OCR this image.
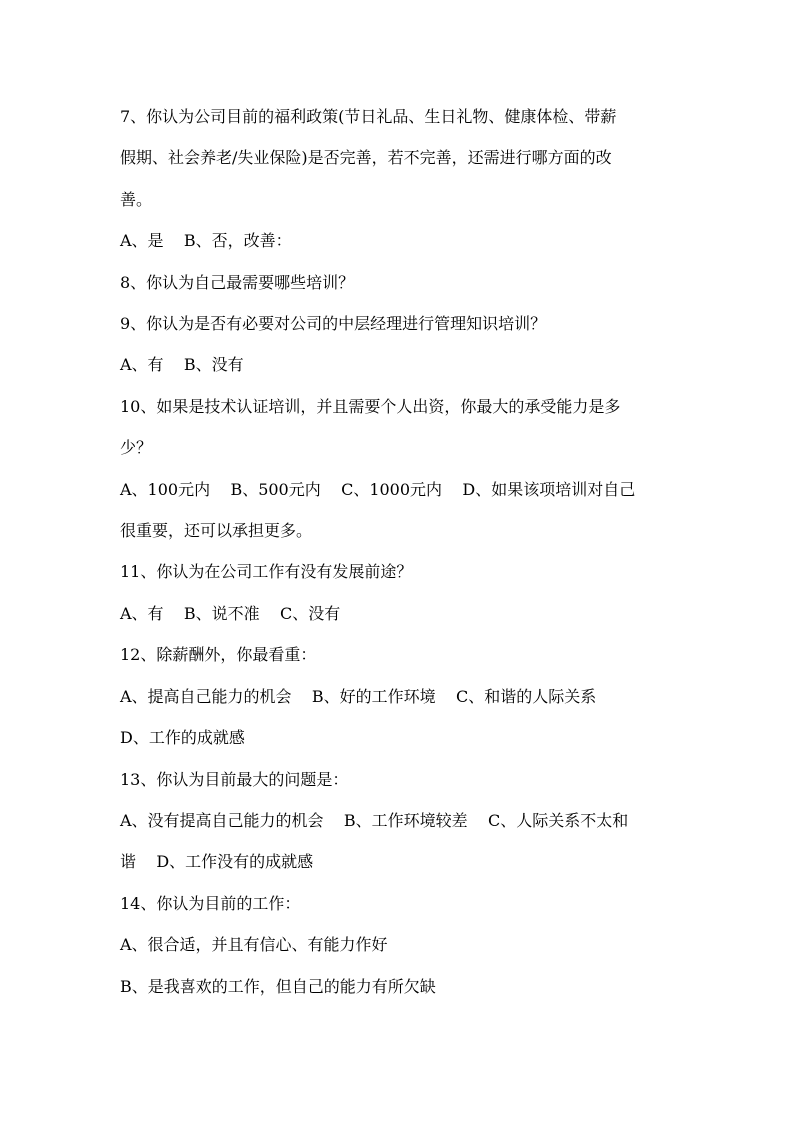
7、你认为公司目前的福利政策(节日礼品、生日礼物、健康体检、带薪

假期、社会养老/失业保险)是否完善，若不完善，还需进行哪方面的改

善。

A、是    B、否，改善：

8、你认为自己最需要哪些培训？

9、你认为是否有必要对公司的中层经理进行管理知识培训？

A、有    B、没有

10、如果是技术认证培训，并且需要个人出资，你最大的承受能力是多

少？

A、100元内    B、500元内    C、1000元内    D、如果该项培训对自己

很重要，还可以承担更多。

11、你认为在公司工作有没有发展前途？

A、有    B、说不准    C、没有

12、除薪酬外，你最看重：

A、提高自己能力的机会    B、好的工作环境    C、和谐的人际关系

D、工作的成就感

13、你认为目前最大的问题是：

A、没有提高自己能力的机会    B、工作环境较差    C、人际关系不太和

谐    D、工作没有的成就感

14、你认为目前的工作：

A、很合适，并且有信心、有能力作好

B、是我喜欢的工作，但自己的能力有所欠缺
